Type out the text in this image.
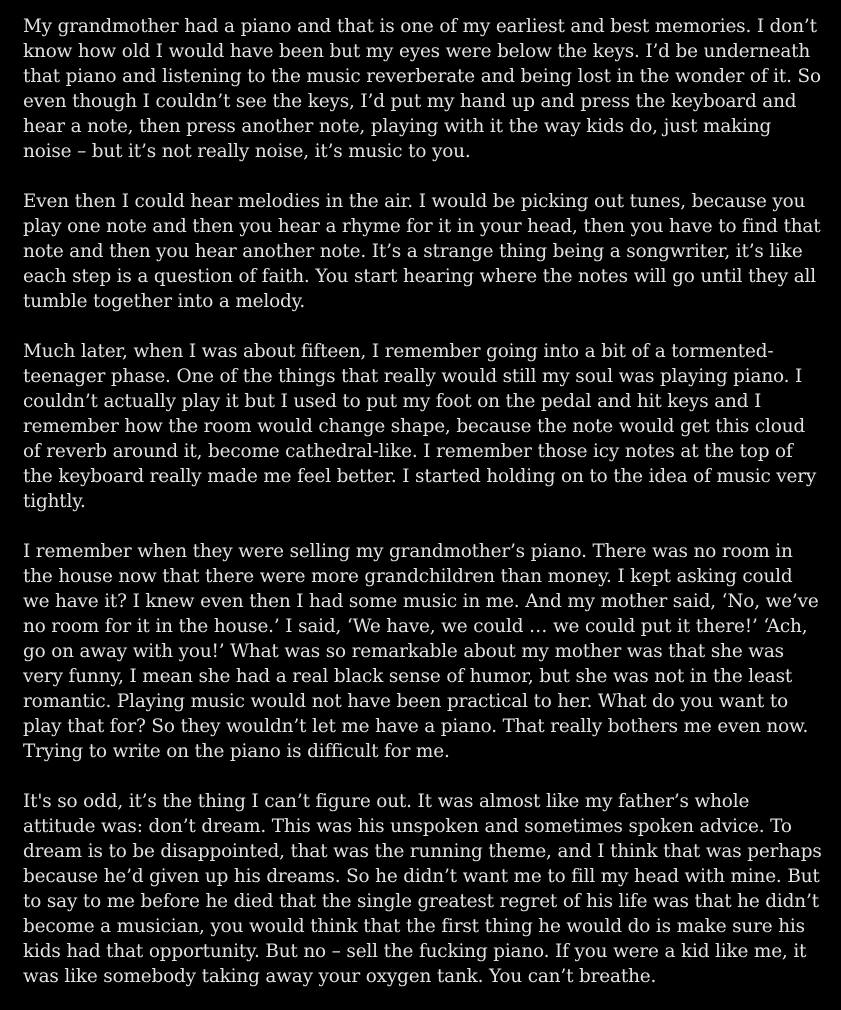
My grandmother had a piano and that is one of my earliest and best memories. I don’t know how old I would have been but my eyes were below the keys. I’d be underneath that piano and listening to the music reverberate and being lost in the wonder of it. So even though I couldn’t see the keys, I’d put my hand up and press the keyboard and hear a note, then press another note, playing with it the way kids do, just making noise – but it’s not really noise, it’s music to you.

Even then I could hear melodies in the air. I would be picking out tunes, because you play one note and then you hear a rhyme for it in your head, then you have to find that note and then you hear another note. It’s a strange thing being a songwriter, it’s like each step is a question of faith. You start hearing where the notes will go until they all tumble together into a melody.

Much later, when I was about fifteen, I remember going into a bit of a tormented-teenager phase. One of the things that really would still my soul was playing piano. I couldn’t actually play it but I used to put my foot on the pedal and hit keys and I remember how the room would change shape, because the note would get this cloud of reverb around it, become cathedral-like. I remember those icy notes at the top of the keyboard really made me feel better. I started holding on to the idea of music very tightly.

I remember when they were selling my grandmother’s piano. There was no room in the house now that there were more grandchildren than money. I kept asking could we have it? I knew even then I had some music in me. And my mother said, ‘No, we’ve no room for it in the house.’ I said, ‘We have, we could … we could put it there!’ ‘Ach, go on away with you!’ What was so remarkable about my mother was that she was very funny, I mean she had a real black sense of humor, but she was not in the least romantic. Playing music would not have been practical to her. What do you want to play that for? So they wouldn’t let me have a piano. That really bothers me even now. Trying to write on the piano is difficult for me.

It's so odd, it’s the thing I can’t figure out. It was almost like my father’s whole attitude was: don’t dream. This was his unspoken and sometimes spoken advice. To dream is to be disappointed, that was the running theme, and I think that was perhaps because he’d given up his dreams. So he didn’t want me to fill my head with mine. But to say to me before he died that the single greatest regret of his life was that he didn’t become a musician, you would think that the first thing he would do is make sure his kids had that opportunity. But no – sell the fucking piano. If you were a kid like me, it was like somebody taking away your oxygen tank. You can’t breathe.
